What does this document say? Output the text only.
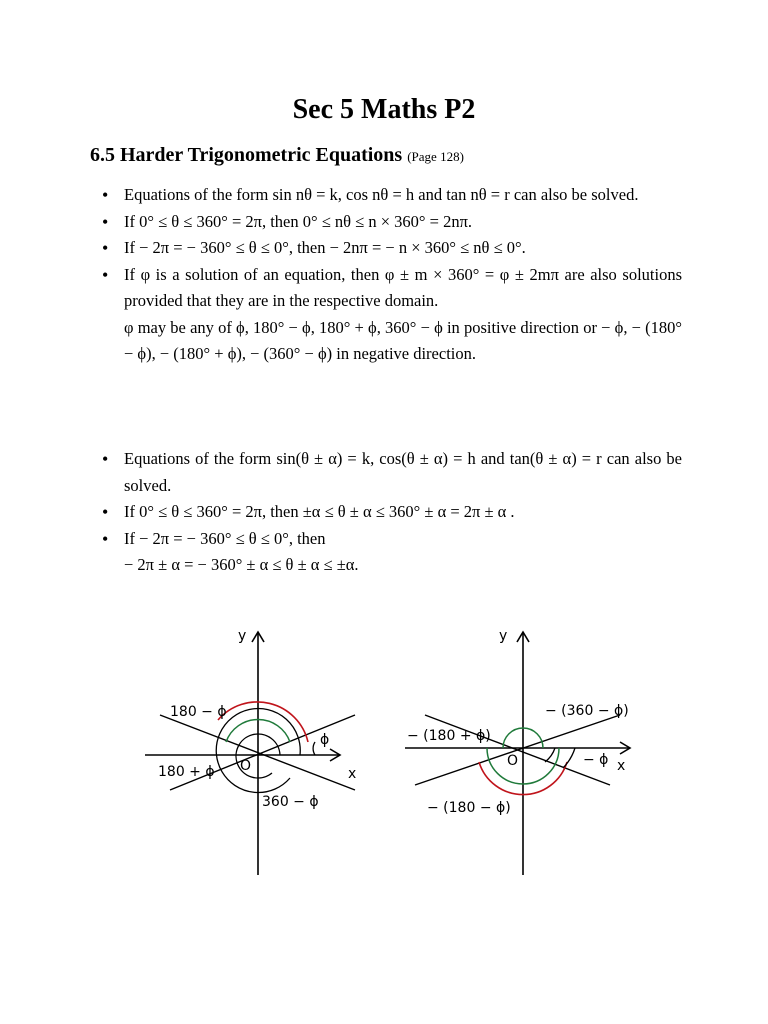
Sec 5 Maths P2
6.5 Harder Trigonometric Equations (Page 128)
• Equations of the form sin nθ = k, cos nθ = h and tan nθ = r can also be solved.
• If 0° ≤ θ ≤ 360° = 2π, then 0° ≤ nθ ≤ n × 360° = 2nπ.
• If − 2π = − 360° ≤ θ ≤ 0°, then − 2nπ = − n × 360° ≤ nθ ≤ 0°.
• If φ is a solution of an equation, then φ ± m × 360° = φ ± 2mπ are also solutions provided that they are in the respective domain.
φ may be any of ϕ, 180° − ϕ, 180° + ϕ, 360° − ϕ in positive direction or − ϕ, − (180° − ϕ), − (180° + ϕ), − (360° − ϕ) in negative direction.
• Equations of the form sin(θ ± α) = k, cos(θ ± α) = h and tan(θ ± α) = r can also be solved.
• If 0° ≤ θ ≤ 360° = 2π, then ±α ≤ θ ± α ≤ 360° ± α = 2π ± α .
• If − 2π = − 360° ≤ θ ≤ 0°, then
− 2π ± α = − 360° ± α ≤ θ ± α ≤ ±α.
y
x
O
180 − ϕ
ϕ
180 + ϕ
360 − ϕ
y
x
O
− (360 − ϕ)
− (180 + ϕ)
− ϕ
− (180 − ϕ)
